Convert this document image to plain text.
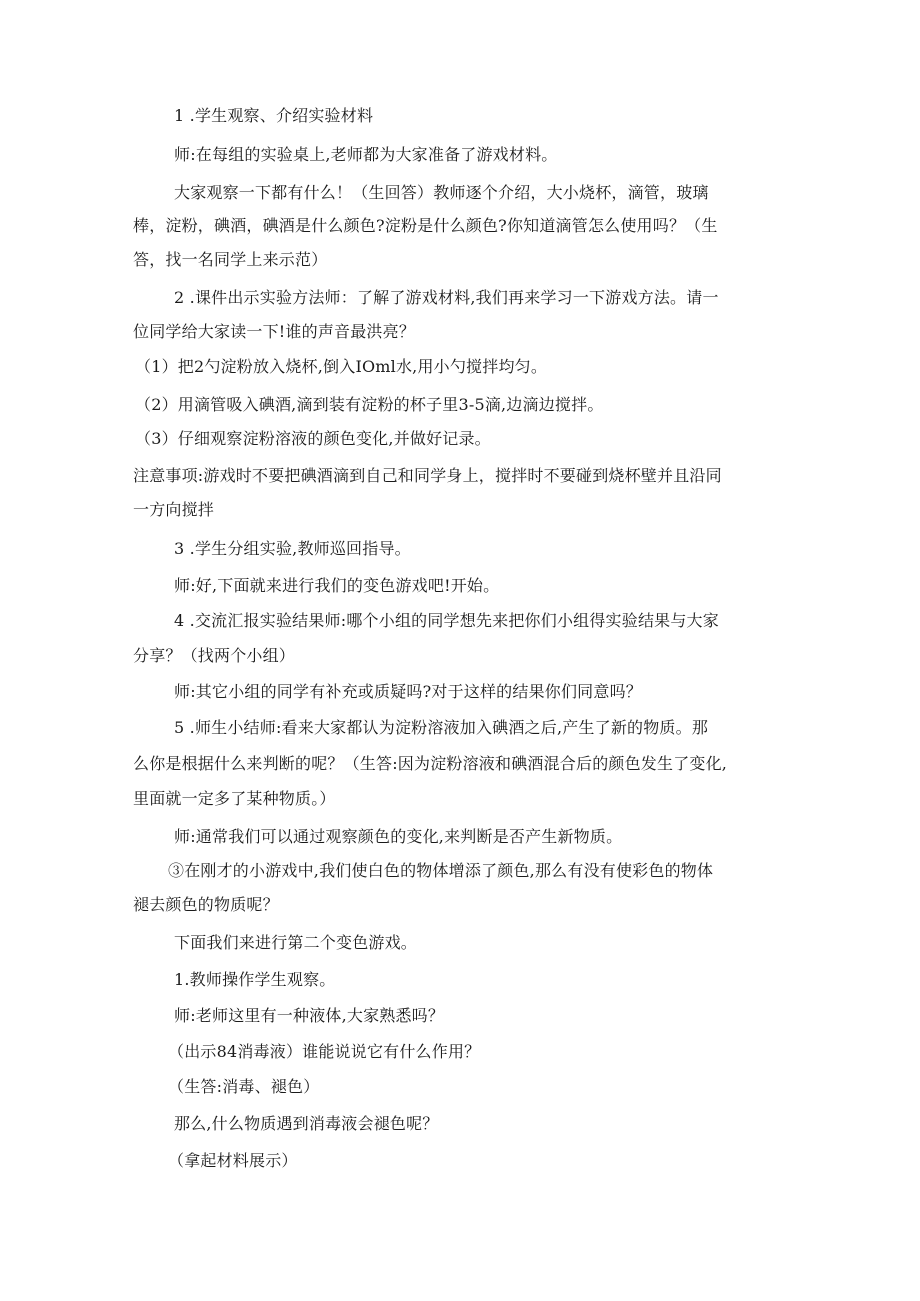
1 .学生观察、介绍实验材料
师:在每组的实验桌上,老师都为大家准备了游戏材料。
大家观察一下都有什么！（生回答）教师逐个介绍，大小烧杯，滴管，玻璃
棒，淀粉，碘酒，碘酒是什么颜色?淀粉是什么颜色?你知道滴管怎么使用吗？（生
答，找一名同学上来示范）
2 .课件出示实验方法师：了解了游戏材料,我们再来学习一下游戏方法。请一
位同学给大家读一下!谁的声音最洪亮？
（1）把2勺淀粉放入烧杯,倒入IOml水,用小勺搅拌均匀。
（2）用滴管吸入碘酒,滴到装有淀粉的杯子里3-5滴,边滴边搅拌。
（3）仔细观察淀粉溶液的颜色变化,并做好记录。
注意事项:游戏时不要把碘酒滴到自己和同学身上，搅拌时不要碰到烧杯壁并且沿同
一方向搅拌
3 .学生分组实验,教师巡回指导。
师:好,下面就来进行我们的变色游戏吧!开始。
4 .交流汇报实验结果师:哪个小组的同学想先来把你们小组得实验结果与大家
分享？（找两个小组）
师:其它小组的同学有补充或质疑吗?对于这样的结果你们同意吗？
5 .师生小结师:看来大家都认为淀粉溶液加入碘酒之后,产生了新的物质。那
么你是根据什么来判断的呢？（生答:因为淀粉溶液和碘酒混合后的颜色发生了变化,
里面就一定多了某种物质。）
师:通常我们可以通过观察颜色的变化,来判断是否产生新物质。
③在刚才的小游戏中,我们使白色的物体增添了颜色,那么有没有使彩色的物体
褪去颜色的物质呢？
下面我们来进行第二个变色游戏。
1.教师操作学生观察。
师:老师这里有一种液体,大家熟悉吗？
（出示84消毒液）谁能说说它有什么作用？
（生答:消毒、褪色）
那么,什么物质遇到消毒液会褪色呢？
（拿起材料展示）
